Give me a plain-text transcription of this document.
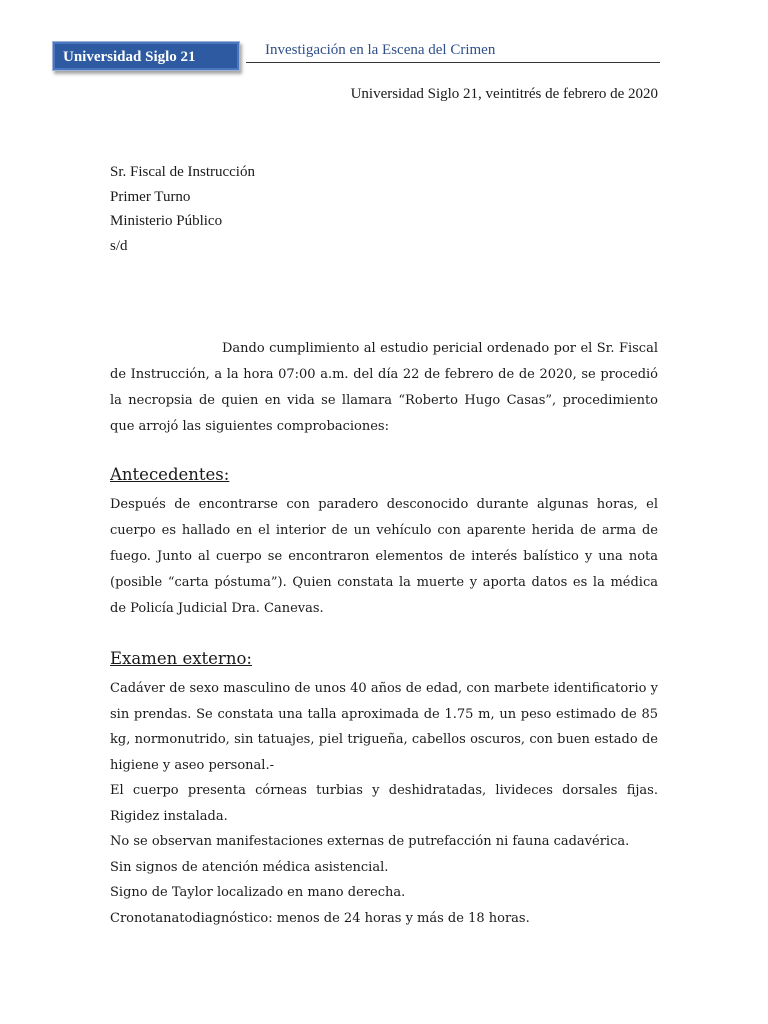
Universidad Siglo 21	Investigación en la Escena del Crimen
Universidad Siglo 21, veintitrés de febrero de 2020
Sr. Fiscal de Instrucción
Primer Turno
Ministerio Público
s/d
Dando cumplimiento al estudio pericial ordenado por el Sr. Fiscal de Instrucción, a la hora 07:00 a.m. del día 22 de febrero de de 2020, se procedió la necropsia de quien en vida se llamara “Roberto Hugo Casas”, procedimiento que arrojó las siguientes comprobaciones:
Antecedentes:
Después de encontrarse con paradero desconocido durante algunas horas, el cuerpo es hallado en el interior de un vehículo con aparente herida de arma de fuego. Junto al cuerpo se encontraron elementos de interés balístico y una nota (posible “carta póstuma”). Quien constata la muerte y aporta datos es la médica de Policía Judicial Dra. Canevas.
Examen externo:
Cadáver de sexo masculino de unos 40 años de edad, con marbete identificatorio y sin prendas. Se constata una talla aproximada de 1.75 m, un peso estimado de 85 kg, normonutrido, sin tatuajes, piel trigueña, cabellos oscuros, con buen estado de higiene y aseo personal.-
El cuerpo presenta córneas turbias y deshidratadas, livideces dorsales fijas. Rigidez instalada.
No se observan manifestaciones externas de putrefacción ni fauna cadavérica.
Sin signos de atención médica asistencial.
Signo de Taylor localizado en mano derecha.
Cronotanatodiagnóstico: menos de 24 horas y más de 18 horas.
